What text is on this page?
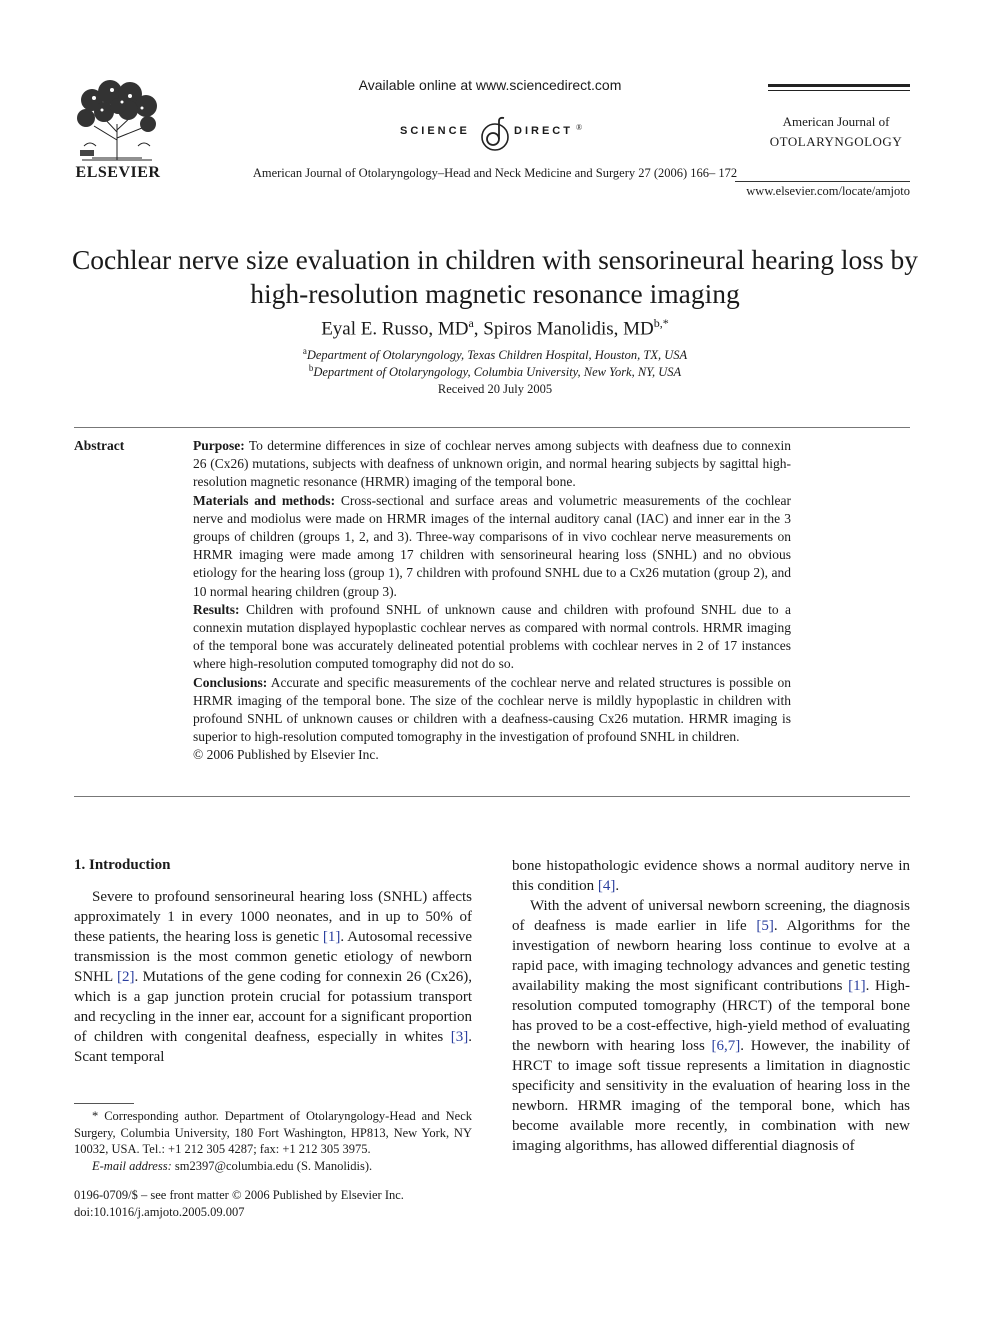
ELSEVIER
Available online at www.sciencedirect.com
SCIENCE	DIRECT ®
American Journal of Otolaryngology–Head and Neck Medicine and Surgery 27 (2006) 166– 172
American Journal of
OTOLARYNGOLOGY
www.elsevier.com/locate/amjoto
Cochlear nerve size evaluation in children with sensorineural hearing loss by high-resolution magnetic resonance imaging
Eyal E. Russo, $MD^a$, Spiros Manolidis, $MD^{b,*}$
$^a$Department of Otolaryngology, Texas Children Hospital, Houston, TX, USA
$^b$Department of Otolaryngology, Columbia University, New York, NY, USA
Received 20 July 2005
Abstract	Purpose: To determine differences in size of cochlear nerves among subjects with deafness due to connexin 26 (Cx26) mutations, subjects with deafness of unknown origin, and normal hearing subjects by sagittal high-resolution magnetic resonance (HRMR) imaging of the temporal bone.

Materials and methods: Cross-sectional and surface areas and volumetric measurements of the cochlear nerve and modiolus were made on HRMR images of the internal auditory canal (IAC) and inner ear in the 3 groups of children (groups 1, 2, and 3). Three-way comparisons of in vivo cochlear nerve measurements on HRMR imaging were made among 17 children with sensorineural hearing loss (SNHL) and no obvious etiology for the hearing loss (group 1), 7 children with profound SNHL due to a Cx26 mutation (group 2), and 10 normal hearing children (group 3).

Results: Children with profound SNHL of unknown cause and children with profound SNHL due to a connexin mutation displayed hypoplastic cochlear nerves as compared with normal controls. HRMR imaging of the temporal bone was accurately delineated potential problems with cochlear nerves in 2 of 17 instances where high-resolution computed tomography did not do so.

Conclusions: Accurate and specific measurements of the cochlear nerve and related structures is possible on HRMR imaging of the temporal bone. The size of the cochlear nerve is mildly hypoplastic in children with profound SNHL of unknown causes or children with a deafness-causing Cx26 mutation. HRMR imaging is superior to high-resolution computed tomography in the investigation of profound SNHL in children.

© 2006 Published by Elsevier Inc.

1. Introduction

Severe to profound sensorineural hearing loss (SNHL) affects approximately 1 in every 1000 neonates, and in up to 50% of these patients, the hearing loss is genetic [1]. Autosomal recessive transmission is the most common genetic etiology of newborn SNHL [2]. Mutations of the gene coding for connexin 26 (Cx26), which is a gap junction protein crucial for potassium transport and recycling in the inner ear, account for a significant proportion of children with congenital deafness, especially in whites [3]. Scant temporal

bone histopathologic evidence shows a normal auditory nerve in this condition [4].

With the advent of universal newborn screening, the diagnosis of deafness is made earlier in life [5]. Algorithms for the investigation of newborn hearing loss continue to evolve at a rapid pace, with imaging technology advances and genetic testing availability making the most significant contributions [1]. High-resolution computed tomography (HRCT) of the temporal bone has proved to be a cost-effective, high-yield method of evaluating the newborn with hearing loss [6,7]. However, the inability of HRCT to image soft tissue represents a limitation in diagnostic specificity and sensitivity in the evaluation of hearing loss in the newborn. HRMR imaging of the temporal bone, which has become available more recently, in combination with new imaging algorithms, has allowed differential diagnosis of

* Corresponding author. Department of Otolaryngology-Head and Neck Surgery, Columbia University, 180 Fort Washington, HP813, New York, NY 10032, USA. Tel.: +1 212 305 4287; fax: +1 212 305 3975.

E-mail address: sm2397@columbia.edu (S. Manolidis).

0196-0709/$ – see front matter © 2006 Published by Elsevier Inc.
doi:10.1016/j.amjoto.2005.09.007
